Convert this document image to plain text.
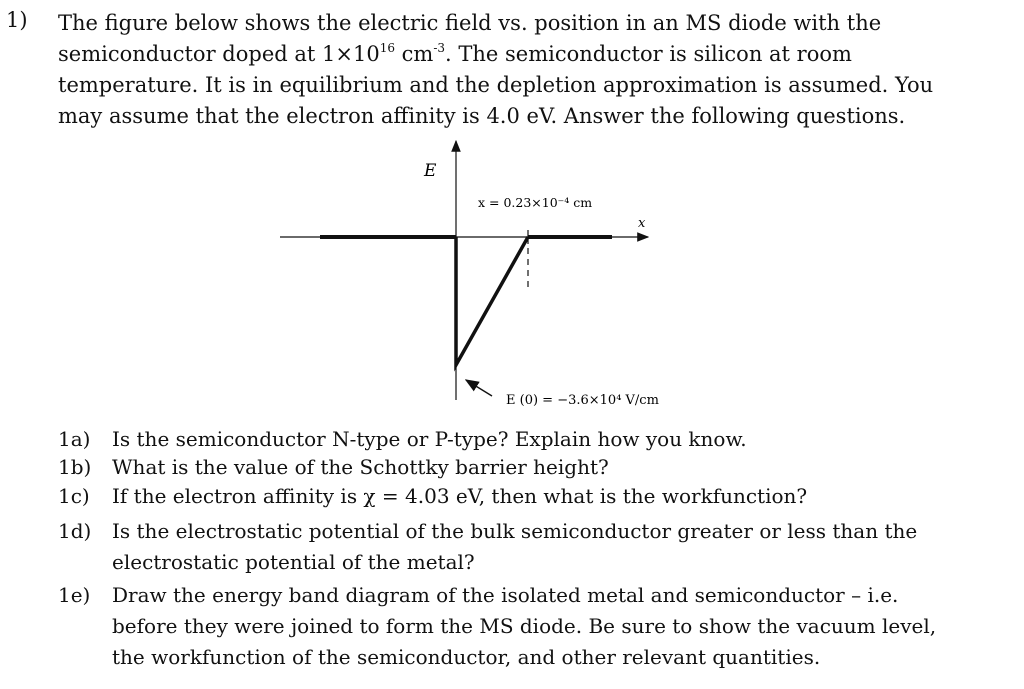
1) The figure below shows the electric field vs. position in an MS diode with the
semiconductor doped at $1\times 10^{16}$ $cm^{-3}$. The semiconductor is silicon at room
temperature. It is in equilibrium and the depletion approximation is assumed. You
may assume that the electron affinity is 4.0 eV. Answer the following questions.
E
x
x = 0.23×10⁻⁴ cm
E (0) = −3.6×10⁴ V/cm
1a)	Is the semiconductor N-type or P-type? Explain how you know.
1b)	What is the value of the Schottky barrier height?
1c)	If the electron affinity is χ = 4.03 eV, then what is the workfunction?
1d)	Is the electrostatic potential of the bulk semiconductor greater or less than the
electrostatic potential of the metal?
1e)	Draw the energy band diagram of the isolated metal and semiconductor – i.e.
before they were joined to form the MS diode. Be sure to show the vacuum level,
the workfunction of the semiconductor, and other relevant quantities.
